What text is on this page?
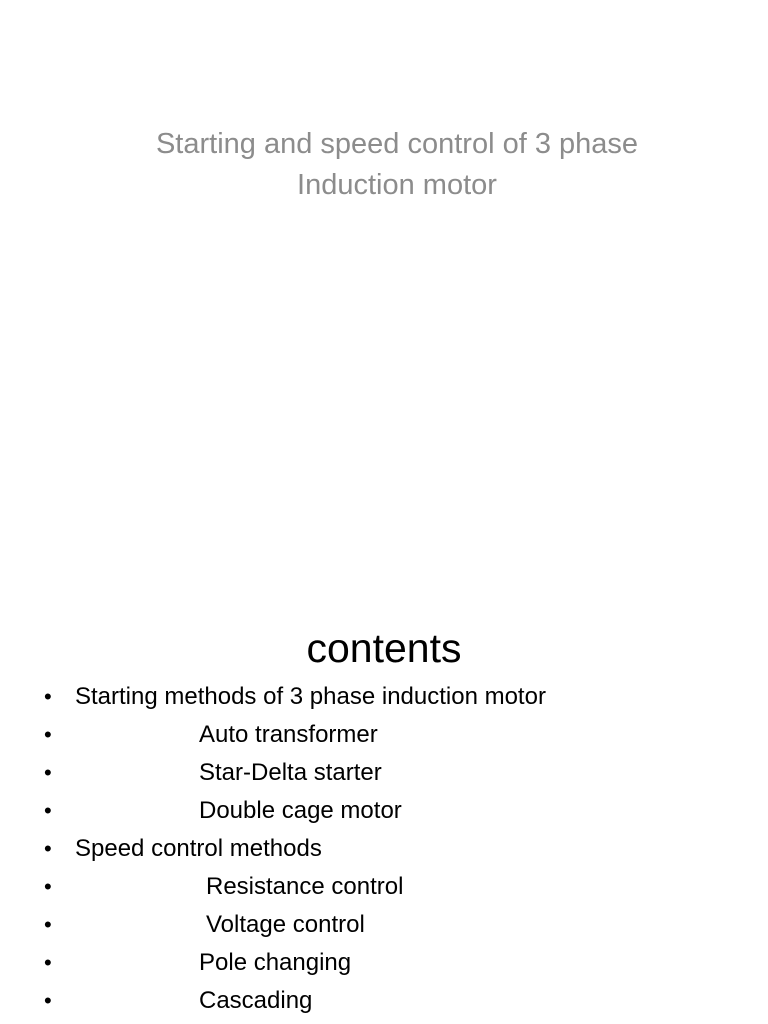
Starting and speed control of 3 phase
Induction motor
contents
• Starting methods of 3 phase induction motor
•	Auto transformer
•	Star-Delta starter
•	Double cage motor
• Speed control methods
•	Resistance control
•	Voltage control
•	Pole changing
•	Cascading
